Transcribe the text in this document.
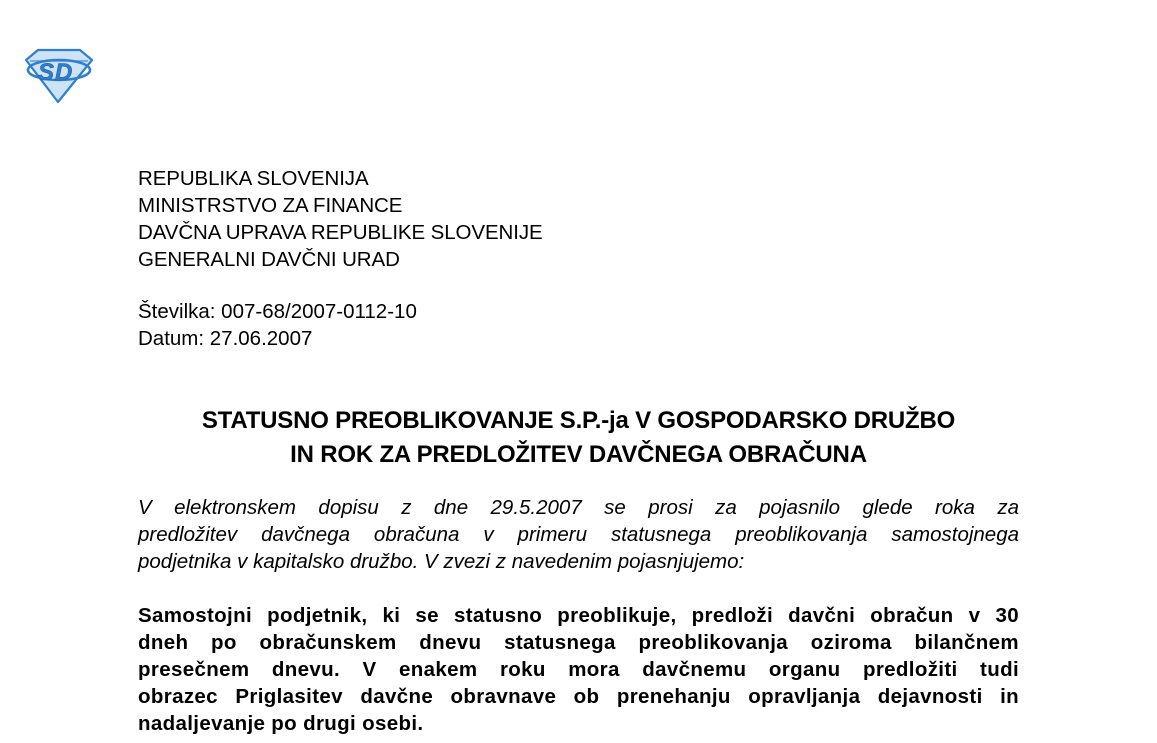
S D
REPUBLIKA SLOVENIJA
MINISTRSTVO ZA FINANCE
DAVČNA UPRAVA REPUBLIKE SLOVENIJE
GENERALNI DAVČNI URAD
Številka: 007-68/2007-0112-10
Datum: 27.06.2007
STATUSNO PREOBLIKOVANJE S.P.-ja V GOSPODARSKO DRUŽBO
IN ROK ZA PREDLOŽITEV DAVČNEGA OBRAČUNA
V elektronskem dopisu z dne 29.5.2007 se prosi za pojasnilo glede roka za
predložitev davčnega obračuna v primeru statusnega preoblikovanja samostojnega
podjetnika v kapitalsko družbo. V zvezi z navedenim pojasnjujemo:
Samostojni podjetnik, ki se statusno preoblikuje, predloži davčni obračun v 30
dneh po obračunskem dnevu statusnega preoblikovanja oziroma bilančnem
presečnem dnevu. V enakem roku mora davčnemu organu predložiti tudi
obrazec Priglasitev davčne obravnave ob prenehanju opravljanja dejavnosti in
nadaljevanje po drugi osebi.
